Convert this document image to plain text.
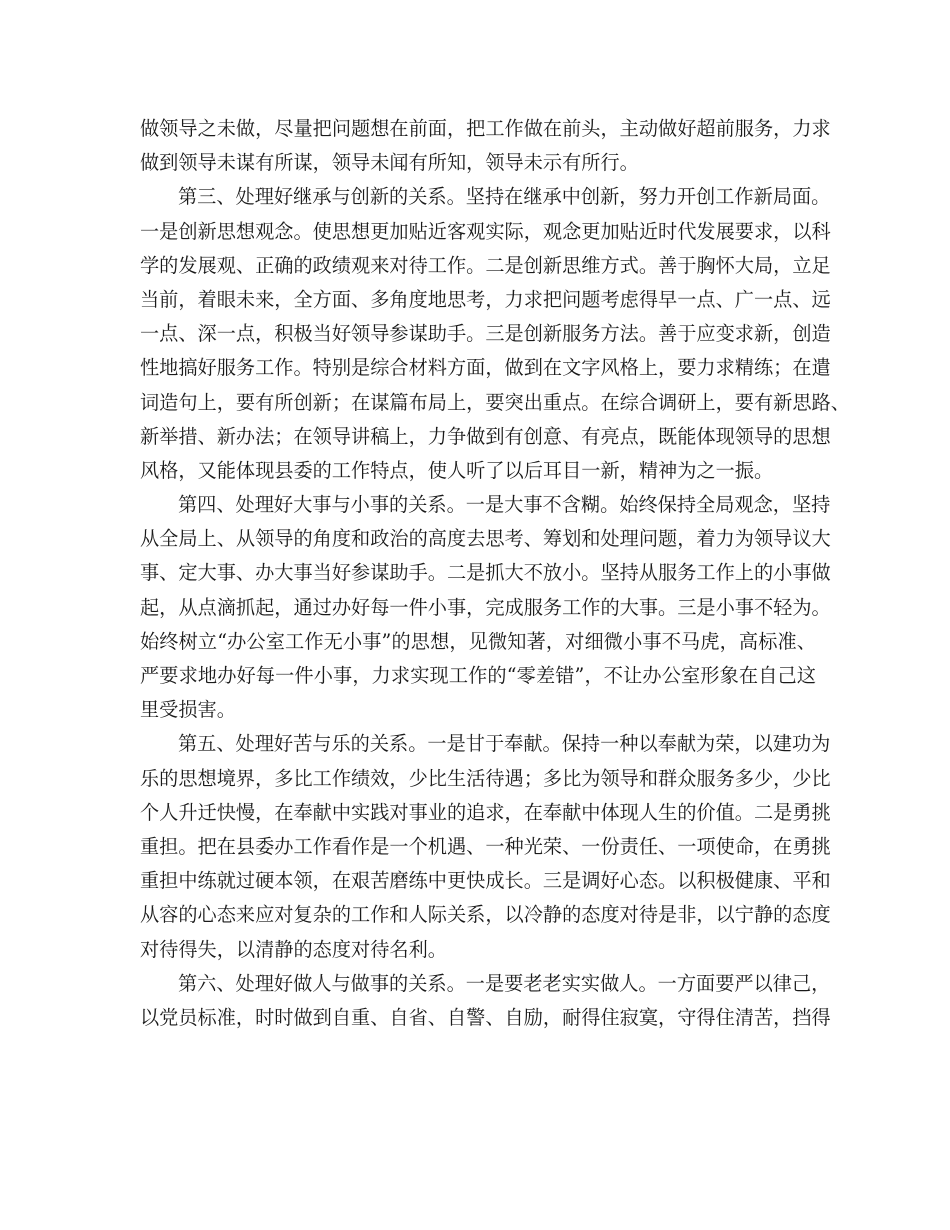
做领导之未做，尽量把问题想在前面，把工作做在前头，主动做好超前服务，力求
做到领导未谋有所谋，领导未闻有所知，领导未示有所行。
第三、处理好继承与创新的关系。坚持在继承中创新，努力开创工作新局面。
一是创新思想观念。使思想更加贴近客观实际，观念更加贴近时代发展要求，以科
学的发展观、正确的政绩观来对待工作。二是创新思维方式。善于胸怀大局，立足
当前，着眼未来，全方面、多角度地思考，力求把问题考虑得早一点、广一点、远
一点、深一点，积极当好领导参谋助手。三是创新服务方法。善于应变求新，创造
性地搞好服务工作。特别是综合材料方面，做到在文字风格上，要力求精练；在遣
词造句上，要有所创新；在谋篇布局上，要突出重点。在综合调研上，要有新思路、
新举措、新办法；在领导讲稿上，力争做到有创意、有亮点，既能体现领导的思想
风格，又能体现县委的工作特点，使人听了以后耳目一新，精神为之一振。
第四、处理好大事与小事的关系。一是大事不含糊。始终保持全局观念，坚持
从全局上、从领导的角度和政治的高度去思考、筹划和处理问题，着力为领导议大
事、定大事、办大事当好参谋助手。二是抓大不放小。坚持从服务工作上的小事做
起，从点滴抓起，通过办好每一件小事，完成服务工作的大事。三是小事不轻为。
始终树立“办公室工作无小事”的思想，见微知著，对细微小事不马虎，高标准、
严要求地办好每一件小事，力求实现工作的“零差错”，不让办公室形象在自己这
里受损害。
第五、处理好苦与乐的关系。一是甘于奉献。保持一种以奉献为荣，以建功为
乐的思想境界，多比工作绩效，少比生活待遇；多比为领导和群众服务多少，少比
个人升迁快慢，在奉献中实践对事业的追求，在奉献中体现人生的价值。二是勇挑
重担。把在县委办工作看作是一个机遇、一种光荣、一份责任、一项使命，在勇挑
重担中练就过硬本领，在艰苦磨练中更快成长。三是调好心态。以积极健康、平和
从容的心态来应对复杂的工作和人际关系，以冷静的态度对待是非，以宁静的态度
对待得失，以清静的态度对待名利。
第六、处理好做人与做事的关系。一是要老老实实做人。一方面要严以律己，
以党员标准，时时做到自重、自省、自警、自励，耐得住寂寞，守得住清苦，挡得
